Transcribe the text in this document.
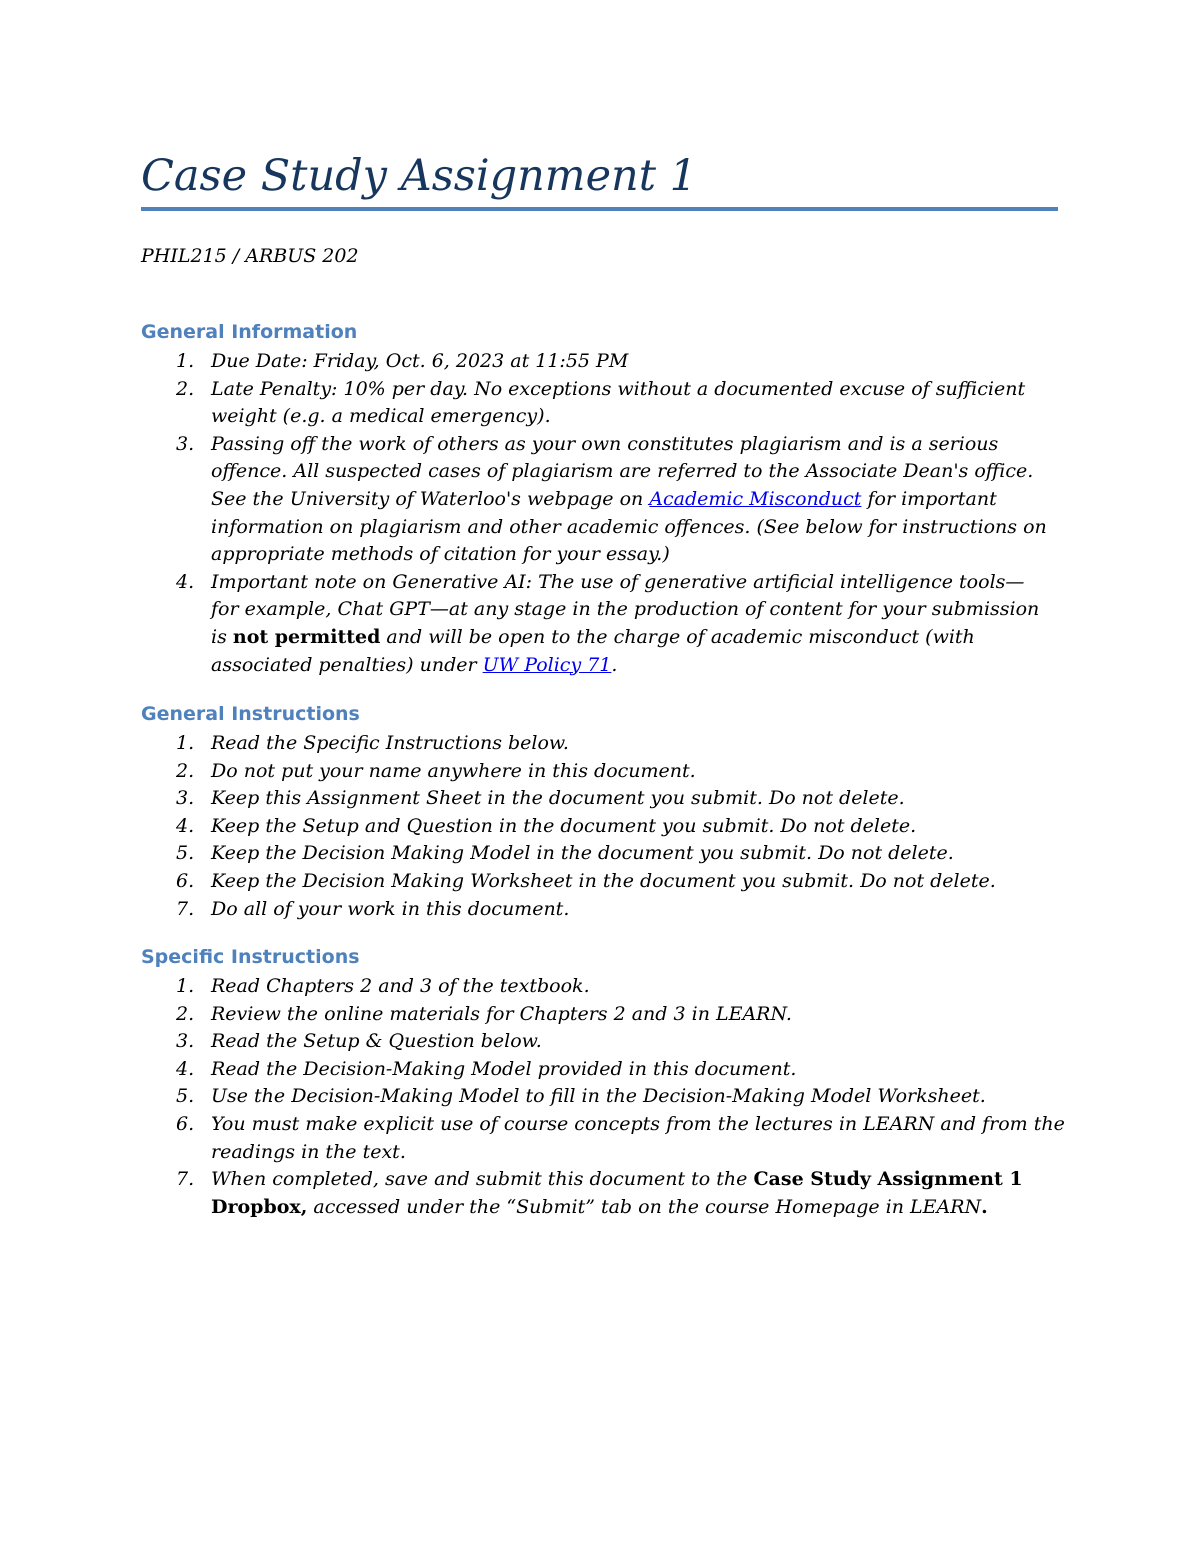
Case Study Assignment 1

PHIL215 / ARBUS 202

General Information
1. Due Date: Friday, Oct. 6, 2023 at 11:55 PM
2. Late Penalty: 10% per day. No exceptions without a documented excuse of sufficient
weight (e.g. a medical emergency).
3. Passing off the work of others as your own constitutes plagiarism and is a serious
offence. All suspected cases of plagiarism are referred to the Associate Dean's office.
See the University of Waterloo's webpage on Academic Misconduct for important
information on plagiarism and other academic offences. (See below for instructions on
appropriate methods of citation for your essay.)
4. Important note on Generative AI: The use of generative artificial intelligence tools—
for example, Chat GPT—at any stage in the production of content for your submission
is not permitted and will be open to the charge of academic misconduct (with
associated penalties) under UW Policy 71.
General Instructions
1. Read the Specific Instructions below.
2. Do not put your name anywhere in this document.
3. Keep this Assignment Sheet in the document you submit. Do not delete.
4. Keep the Setup and Question in the document you submit. Do not delete.
5. Keep the Decision Making Model in the document you submit. Do not delete.
6. Keep the Decision Making Worksheet in the document you submit. Do not delete.
7. Do all of your work in this document.
Specific Instructions
1. Read Chapters 2 and 3 of the textbook.
2. Review the online materials for Chapters 2 and 3 in LEARN.
3. Read the Setup & Question below.
4. Read the Decision-Making Model provided in this document.
5. Use the Decision-Making Model to fill in the Decision-Making Model Worksheet.
6. You must make explicit use of course concepts from the lectures in LEARN and from the
readings in the text.
7. When completed, save and submit this document to the Case Study Assignment 1
Dropbox, accessed under the “Submit” tab on the course Homepage in LEARN.
